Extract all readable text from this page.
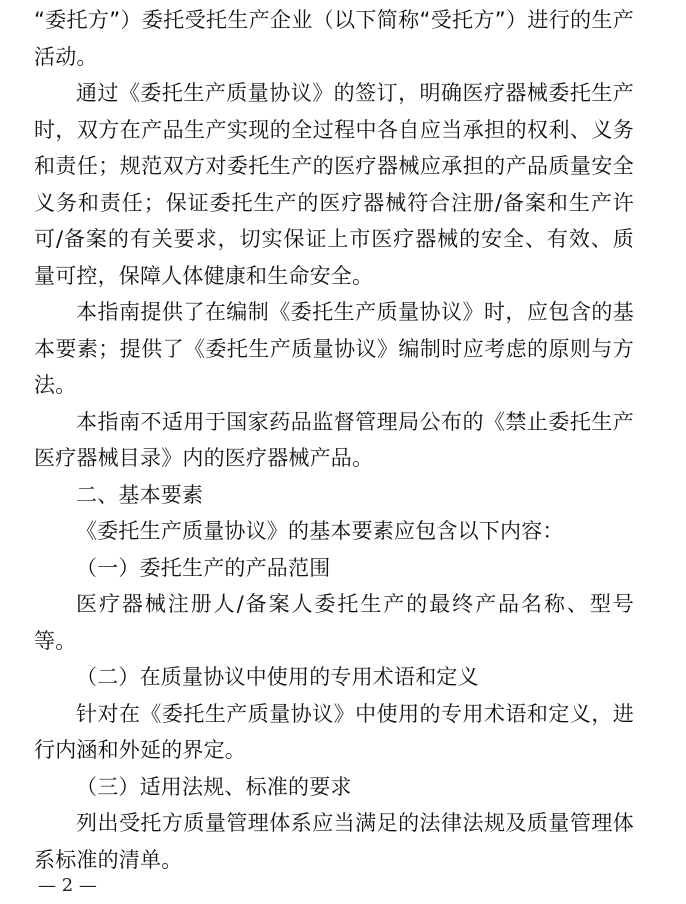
“委托方”）委托受托生产企业（以下简称“受托方”）进行的生产活动。

通过《委托生产质量协议》的签订，明确医疗器械委托生产时，双方在产品生产实现的全过程中各自应当承担的权利、义务和责任；规范双方对委托生产的医疗器械应承担的产品质量安全义务和责任；保证委托生产的医疗器械符合注册/备案和生产许可/备案的有关要求，切实保证上市医疗器械的安全、有效、质量可控，保障人体健康和生命安全。

本指南提供了在编制《委托生产质量协议》时，应包含的基本要素；提供了《委托生产质量协议》编制时应考虑的原则与方法。

本指南不适用于国家药品监督管理局公布的《禁止委托生产医疗器械目录》内的医疗器械产品。

二、基本要素

《委托生产质量协议》的基本要素应包含以下内容：

（一）委托生产的产品范围

医疗器械注册人/备案人委托生产的最终产品名称、型号等。

（二）在质量协议中使用的专用术语和定义

针对在《委托生产质量协议》中使用的专用术语和定义，进行内涵和外延的界定。

（三）适用法规、标准的要求

列出受托方质量管理体系应当满足的法律法规及质量管理体系标准的清单。

— 2 —
